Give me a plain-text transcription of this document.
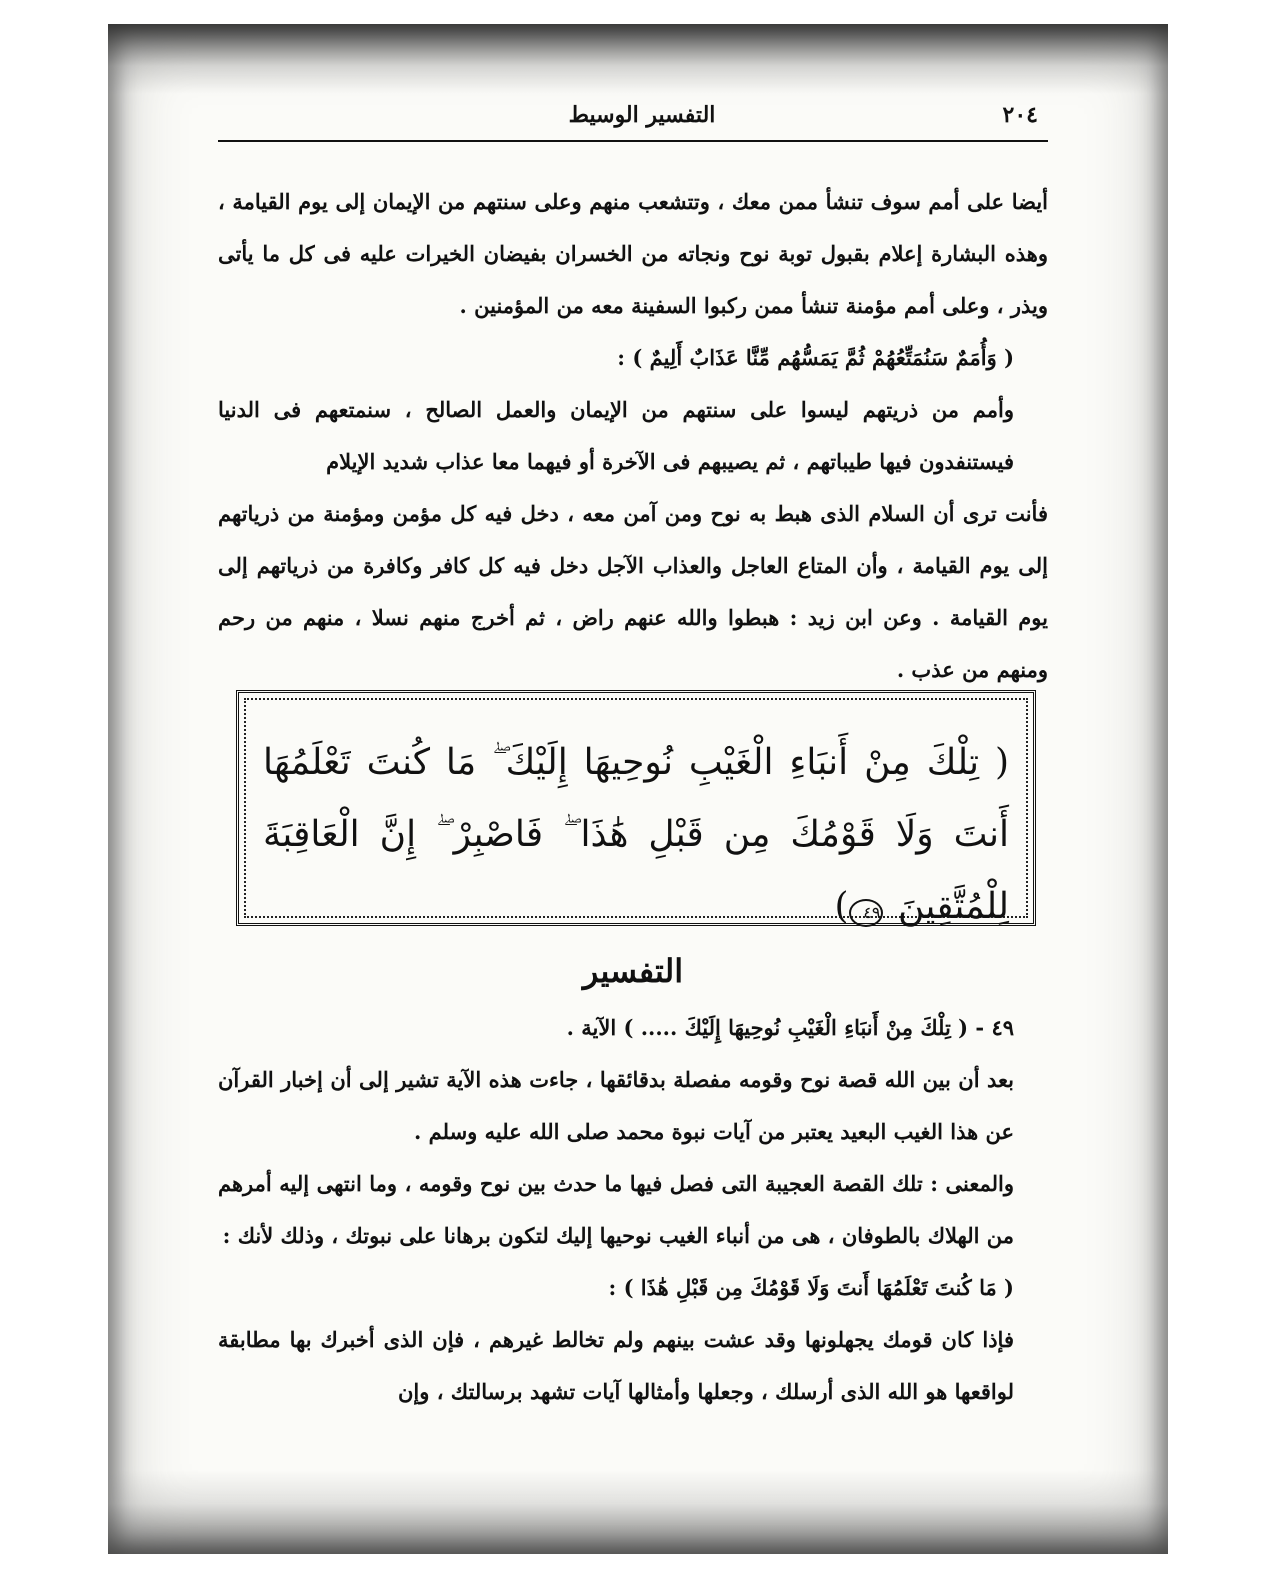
التفسير الوسيط	٢٠٤

أيضا على أمم سوف تنشأ ممن معك ، وتتشعب منهم وعلى سنتهم من الإيمان إلى يوم القيامة ، وهذه البشارة إعلام بقبول توبة نوح ونجاته من الخسران بفيضان الخيرات عليه فى كل ما يأتى ويذر ، وعلى أمم مؤمنة تنشأ ممن ركبوا السفينة معه من المؤمنين .

( وَأُمَمٌ سَنُمَتِّعُهُمْ ثُمَّ يَمَسُّهُم مِّنَّا عَذَابٌ أَلِيمٌ ) :

وأمم من ذريتهم ليسوا على سنتهم من الإيمان والعمل الصالح ، سنمتعهم فى الدنيا فيستنفدون فيها طيباتهم ، ثم يصيبهم فى الآخرة أو فيهما معا عذاب شديد الإيلام

فأنت ترى أن السلام الذى هبط به نوح ومن آمن معه ، دخل فيه كل مؤمن ومؤمنة من ذرياتهم إلى يوم القيامة ، وأن المتاع العاجل والعذاب الآجل دخل فيه كل كافر وكافرة من ذرياتهم إلى يوم القيامة . وعن ابن زيد : هبطوا والله عنهم راض ، ثم أخرج منهم نسلا ، منهم من رحم ومنهم من عذب .

( تِلْكَ مِنْ أَنبَاءِ الْغَيْبِ نُوحِيهَا إِلَيْكَ ۖ مَا كُنتَ تَعْلَمُهَا أَنتَ وَلَا قَوْمُكَ مِن قَبْلِ هَٰذَا ۖ فَاصْبِرْ ۖ إِنَّ الْعَاقِبَةَ لِلْمُتَّقِينَ ٤٩)
التفسير

٤٩ - ( تِلْكَ مِنْ أَنبَاءِ الْغَيْبِ نُوحِيهَا إِلَيْكَ ..... ) الآية .

بعد أن بين الله قصة نوح وقومه مفصلة بدقائقها ، جاءت هذه الآية تشير إلى أن إخبار القرآن عن هذا الغيب البعيد يعتبر من آيات نبوة محمد صلى الله عليه وسلم .

والمعنى : تلك القصة العجيبة التى فصل فيها ما حدث بين نوح وقومه ، وما انتهى إليه أمرهم من الهلاك بالطوفان ، هى من أنباء الغيب نوحيها إليك لتكون برهانا على نبوتك ، وذلك لأنك :

( مَا كُنتَ تَعْلَمُهَا أَنتَ وَلَا قَوْمُكَ مِن قَبْلِ هَٰذَا ) :

فإذا كان قومك يجهلونها وقد عشت بينهم ولم تخالط غيرهم ، فإن الذى أخبرك بها مطابقة لواقعها هو الله الذى أرسلك ، وجعلها وأمثالها آيات تشهد برسالتك ، وإن
